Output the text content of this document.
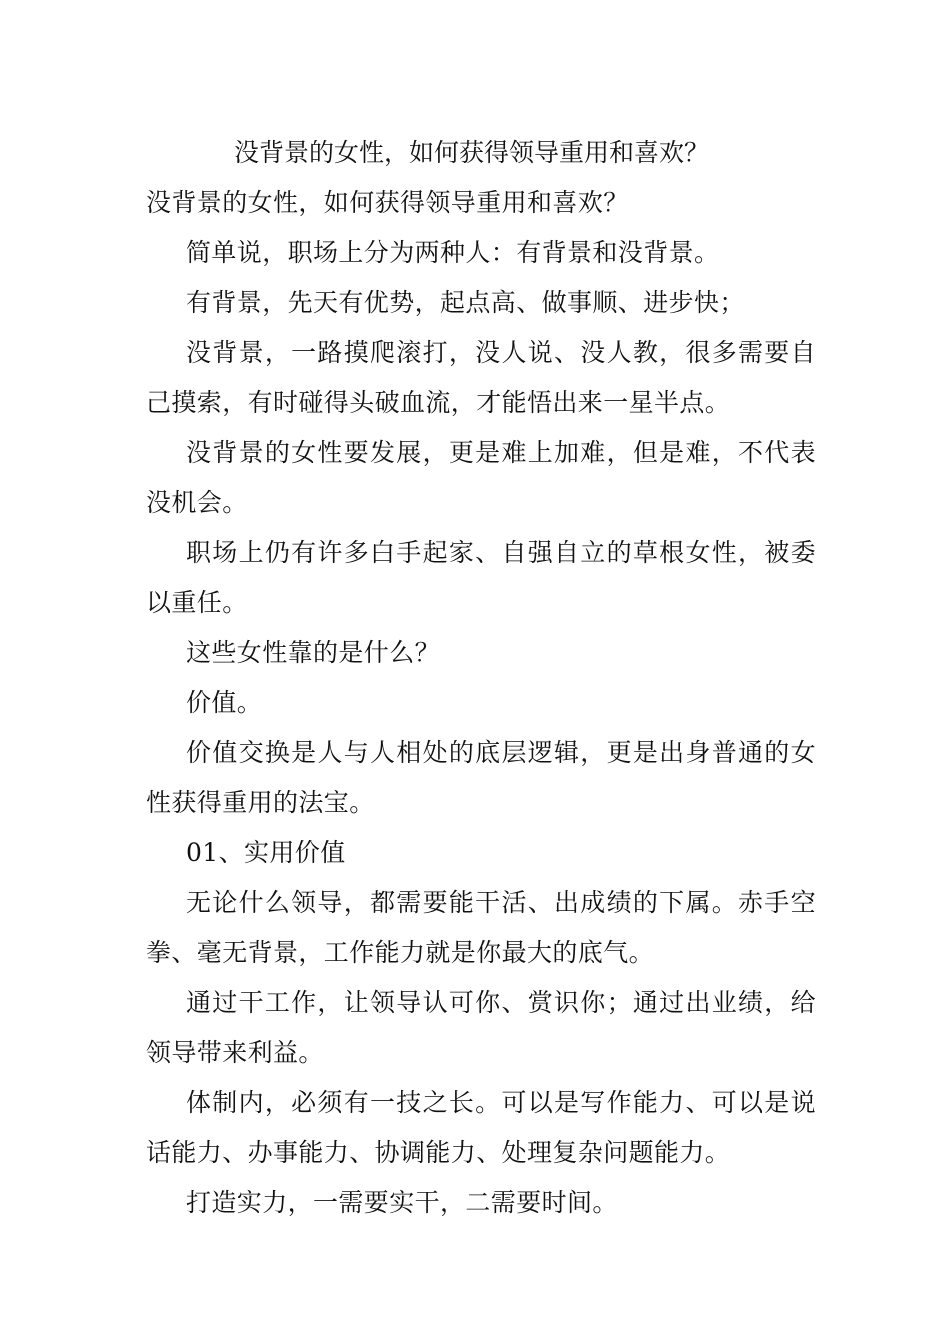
没背景的女性，如何获得领导重用和喜欢？

没背景的女性，如何获得领导重用和喜欢？

简单说，职场上分为两种人：有背景和没背景。

有背景，先天有优势，起点高、做事顺、进步快；

没背景，一路摸爬滚打，没人说、没人教，很多需要自己摸索，有时碰得头破血流，才能悟出来一星半点。

没背景的女性要发展，更是难上加难，但是难，不代表没机会。

职场上仍有许多白手起家、自强自立的草根女性，被委以重任。

这些女性靠的是什么？

价值。

价值交换是人与人相处的底层逻辑，更是出身普通的女性获得重用的法宝。

01、实用价值

无论什么领导，都需要能干活、出成绩的下属。赤手空拳、毫无背景，工作能力就是你最大的底气。

通过干工作，让领导认可你、赏识你；通过出业绩，给领导带来利益。

体制内，必须有一技之长。可以是写作能力、可以是说话能力、办事能力、协调能力、处理复杂问题能力。

打造实力，一需要实干，二需要时间。
